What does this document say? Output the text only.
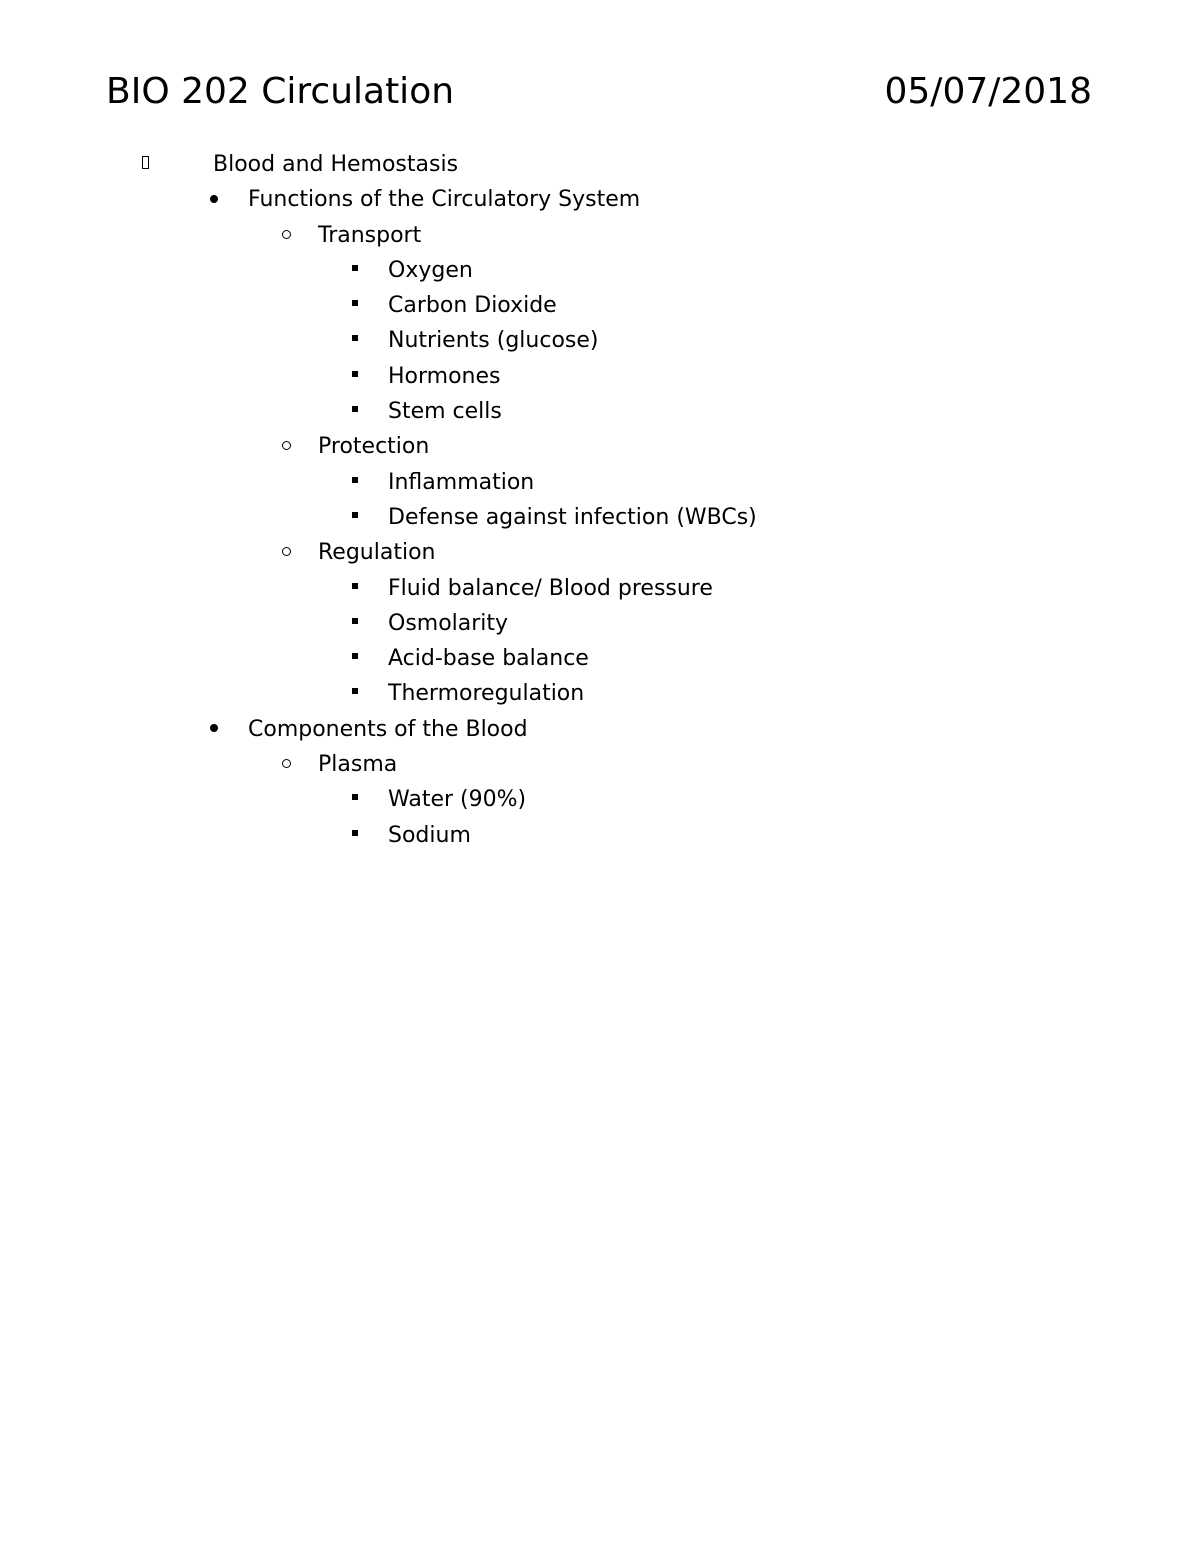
BIO 202 Circulation	05/07/2018
Blood and Hemostasis
Functions of the Circulatory System
Transport
Oxygen
Carbon Dioxide
Nutrients (glucose)
Hormones
Stem cells
Protection
Inflammation
Defense against infection (WBCs)
Regulation
Fluid balance/ Blood pressure
Osmolarity
Acid-base balance
Thermoregulation
Components of the Blood
Plasma
Water (90%)
Sodium
